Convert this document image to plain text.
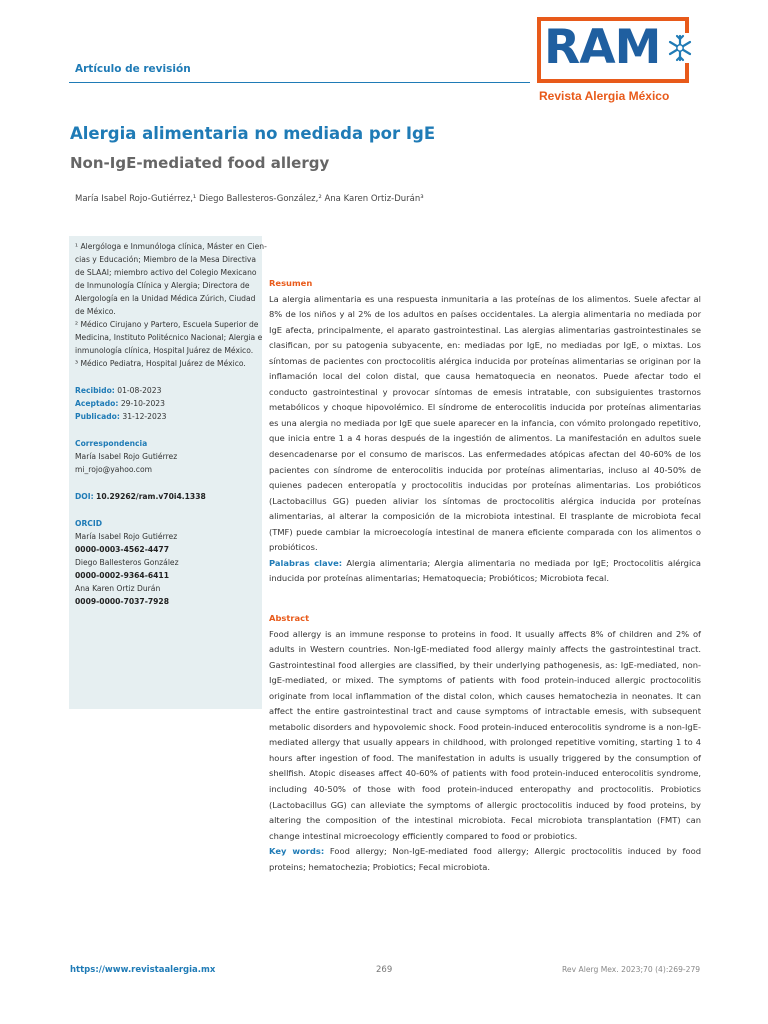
Artículo de revisión	RAM
Revista Alergia México
Alergia alimentaria no mediada por IgE
Non-IgE-mediated food allergy
María Isabel Rojo-Gutiérrez,¹ Diego Ballesteros-González,² Ana Karen Ortiz-Durán³
¹ Alergóloga e Inmunóloga clínica, Máster en Cien-
cias y Educación; Miembro de la Mesa Directiva
de SLAAI; miembro activo del Colegio Mexicano
de Inmunología Clínica y Alergia; Directora de
Alergología en la Unidad Médica Zúrich, Ciudad
de México.
² Médico Cirujano y Partero, Escuela Superior de
Medicina, Instituto Politécnico Nacional; Alergia e
inmunología clínica, Hospital Juárez de México.
³ Médico Pediatra, Hospital Juárez de México.
Recibido: 01-08-2023
Aceptado: 29-10-2023
Publicado: 31-12-2023
Correspondencia
María Isabel Rojo Gutiérrez
mi_rojo@yahoo.com
DOI: 10.29262/ram.v70i4.1338
ORCID
María Isabel Rojo Gutiérrez
0000-0003-4562-4477
Diego Ballesteros González
0000-0002-9364-6411
Ana Karen Ortiz Durán
0009-0000-7037-7928
Resumen
La alergia alimentaria es una respuesta inmunitaria a las proteínas de los alimentos. Suele afectar al 8% de los niños y al 2% de los adultos en países occidentales. La alergia alimentaria no mediada por IgE afecta, principalmente, el aparato gastrointestinal. Las alergias alimentarias gastrointestinales se clasifican, por su patogenia subyacente, en: mediadas por IgE, no mediadas por IgE, o mixtas. Los síntomas de pacientes con proctocolitis alérgica inducida por proteínas alimentarias se originan por la inflamación local del colon distal, que causa hematoquecia en neonatos. Puede afectar todo el conducto gastrointestinal y provocar síntomas de emesis intratable, con subsiguientes trastornos metabólicos y choque hipovolémico. El síndrome de enterocolitis inducida por proteínas alimentarias es una alergia no mediada por IgE que suele aparecer en la infancia, con vómito prolongado repetitivo, que inicia entre 1 a 4 horas después de la ingestión de alimentos. La manifestación en adultos suele desencadenarse por el consumo de mariscos. Las enfermedades atópicas afectan del 40-60% de los pacientes con síndrome de enterocolitis inducida por proteínas alimentarias, incluso al 40-50% de quienes padecen enteropatía y proctocolitis inducidas por proteínas alimentarias. Los probióticos (Lactobacillus GG) pueden aliviar los síntomas de proctocolitis alérgica inducida por proteínas alimentarias, al alterar la composición de la microbiota intestinal. El trasplante de microbiota fecal (TMF) puede cambiar la microecología intestinal de manera eficiente comparada con los alimentos o probióticos.
Palabras clave: Alergia alimentaria; Alergia alimentaria no mediada por IgE; Proctocolitis alérgica inducida por proteínas alimentarias; Hematoquecia; Probióticos; Microbiota fecal.
Abstract
Food allergy is an immune response to proteins in food. It usually affects 8% of children and 2% of adults in Western countries. Non-IgE-mediated food allergy mainly affects the gastrointestinal tract. Gastrointestinal food allergies are classified, by their underlying pathogenesis, as: IgE-mediated, non-IgE-mediated, or mixed. The symptoms of patients with food protein-induced allergic proctocolitis originate from local inflammation of the distal colon, which causes hematochezia in neonates. It can affect the entire gastrointestinal tract and cause symptoms of intractable emesis, with subsequent metabolic disorders and hypovolemic shock. Food protein-induced enterocolitis syndrome is a non-IgE-mediated allergy that usually appears in childhood, with prolonged repetitive vomiting, starting 1 to 4 hours after ingestion of food. The manifestation in adults is usually triggered by the consumption of shellfish. Atopic diseases affect 40-60% of patients with food protein-induced enterocolitis syndrome, including 40-50% of those with food protein-induced enteropathy and proctocolitis. Probiotics (Lactobacillus GG) can alleviate the symptoms of allergic proctocolitis induced by food proteins, by altering the composition of the intestinal microbiota. Fecal microbiota transplantation (FMT) can change intestinal microecology efficiently compared to food or probiotics.
Key words: Food allergy; Non-IgE-mediated food allergy; Allergic proctocolitis induced by food proteins; hematochezia; Probiotics; Fecal microbiota.
https://www.revistaalergia.mx	269	Rev Alerg Mex. 2023;70 (4):269-279
